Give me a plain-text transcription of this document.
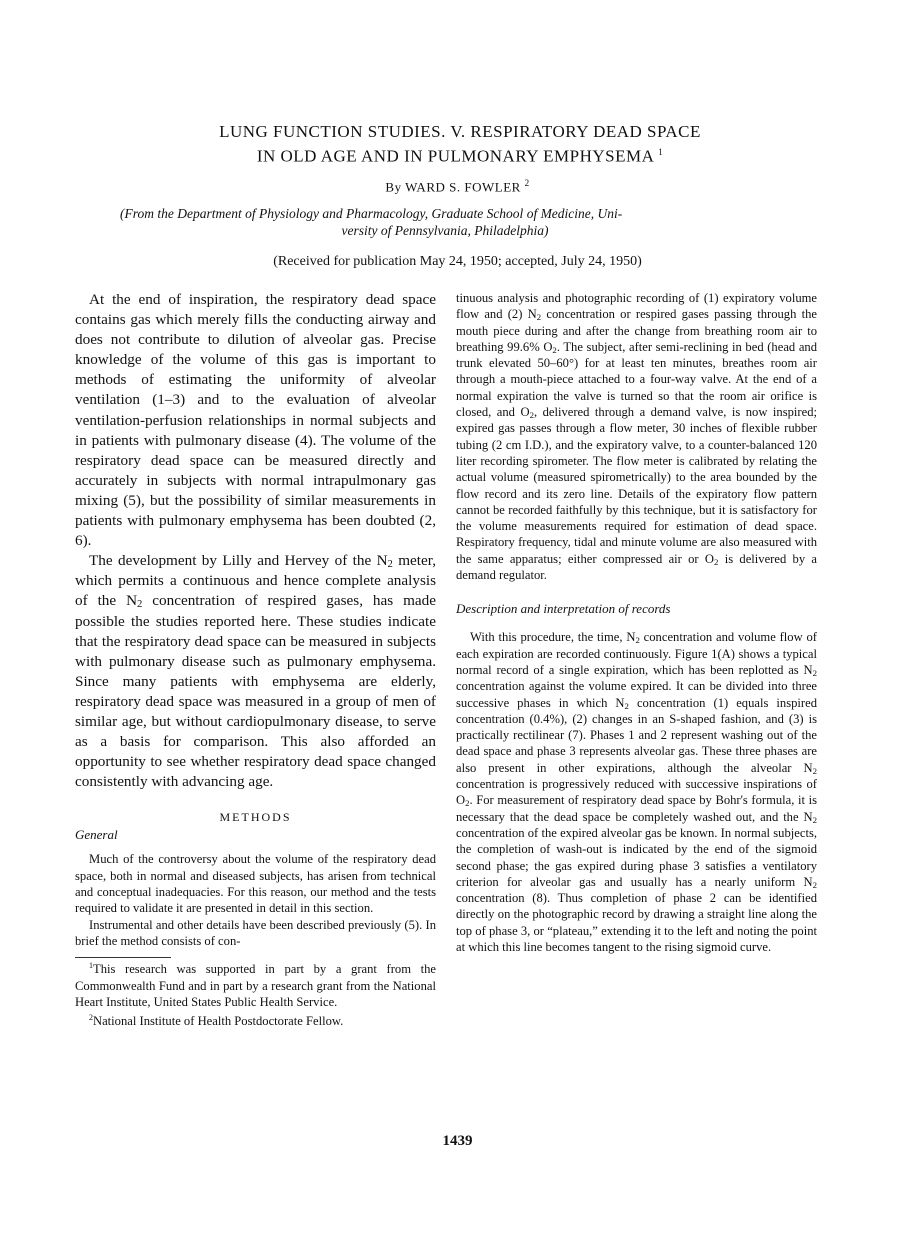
LUNG FUNCTION STUDIES. V. RESPIRATORY DEAD SPACE
IN OLD AGE AND IN PULMONARY EMPHYSEMA $^1$
By WARD S. FOWLER $^2$
(From the Department of Physiology and Pharmacology, Graduate School of Medicine, Uni-
versity of Pennsylvania, Philadelphia)
(Received for publication May 24, 1950; accepted, July 24, 1950)

At the end of inspiration, the respiratory dead space contains gas which merely fills the conducting airway and does not contribute to dilution of alveolar gas. Precise knowledge of the volume of this gas is important to methods of estimating the uniformity of alveolar ventilation (1–3) and to the evaluation of alveolar ventilation-perfusion relationships in normal subjects and in patients with pulmonary disease (4). The volume of the respiratory dead space can be measured directly and accurately in subjects with normal intrapulmonary gas mixing (5), but the possibility of similar measurements in patients with pulmonary emphysema has been doubted (2, 6).

The development by Lilly and Hervey of the $N_2$ meter, which permits a continuous and hence complete analysis of the $N_2$ concentration of respired gases, has made possible the studies reported here. These studies indicate that the respiratory dead space can be measured in subjects with pulmonary disease such as pulmonary emphysema. Since many patients with emphysema are elderly, respiratory dead space was measured in a group of men of similar age, but without cardiopulmonary disease, to serve as a basis for comparison. This also afforded an opportunity to see whether respiratory dead space changed consistently with advancing age.

METHODS
General

Much of the controversy about the volume of the respiratory dead space, both in normal and diseased subjects, has arisen from technical and conceptual inadequacies. For this reason, our method and the tests required to validate it are presented in detail in this section.

Instrumental and other details have been described previously (5). In brief the method consists of con-

$^1$This research was supported in part by a grant from the Commonwealth Fund and in part by a research grant from the National Heart Institute, United States Public Health Service.

$^2$National Institute of Health Postdoctorate Fellow.

tinuous analysis and photographic recording of (1) expiratory volume flow and (2) $N_2$ concentration or respired gases passing through the mouth piece during and after the change from breathing room air to breathing 99.6% $O_2$. The subject, after semi-reclining in bed (head and trunk elevated 50–60°) for at least ten minutes, breathes room air through a mouth-piece attached to a four-way valve. At the end of a normal expiration the valve is turned so that the room air orifice is closed, and $O_2$, delivered through a demand valve, is now inspired; expired gas passes through a flow meter, 30 inches of flexible rubber tubing (2 cm I.D.), and the expiratory valve, to a counter-balanced 120 liter recording spirometer. The flow meter is calibrated by relating the actual volume (measured spirometrically) to the area bounded by the flow record and its zero line. Details of the expiratory flow pattern cannot be recorded faithfully by this technique, but it is satisfactory for the volume measurements required for estimation of dead space. Respiratory frequency, tidal and minute volume are also measured with the same apparatus; either compressed air or $O_2$ is delivered by a demand regulator.

Description and interpretation of records

With this procedure, the time, $N_2$ concentration and volume flow of each expiration are recorded continuously. Figure 1(A) shows a typical normal record of a single expiration, which has been replotted as $N_2$ concentration against the volume expired. It can be divided into three successive phases in which $N_2$ concentration (1) equals inspired concentration (0.4%), (2) changes in an S-shaped fashion, and (3) is practically rectilinear (7). Phases 1 and 2 represent washing out of the dead space and phase 3 represents alveolar gas. These three phases are also present in other expirations, although the alveolar $N_2$ concentration is progressively reduced with successive inspirations of $O_2$. For measurement of respiratory dead space by Bohr's formula, it is necessary that the dead space be completely washed out, and the $N_2$ concentration of the expired alveolar gas be known. In normal subjects, the completion of wash-out is indicated by the end of the sigmoid second phase; the gas expired during phase 3 satisfies a ventilatory criterion for alveolar gas and usually has a nearly uniform $N_2$ concentration (8). Thus completion of phase 2 can be identified directly on the photographic record by drawing a straight line along the top of phase 3, or “plateau,” extending it to the left and noting the point at which this line becomes tangent to the rising sigmoid curve.

1439
